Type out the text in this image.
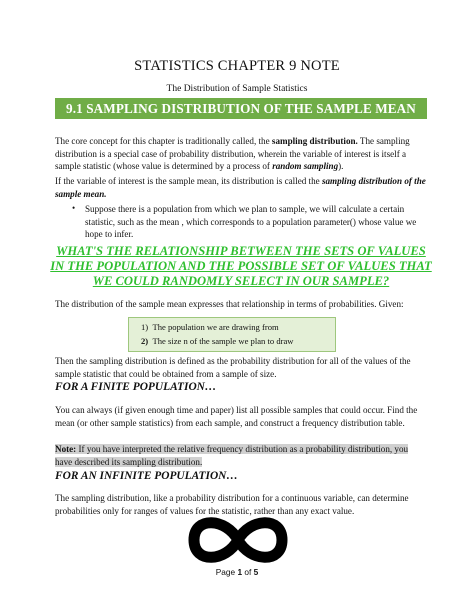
STATISTICS CHAPTER 9 NOTE
The Distribution of Sample Statistics
9.1 SAMPLING DISTRIBUTION OF THE SAMPLE MEAN
The core concept for this chapter is traditionally called, the sampling distribution. The sampling distribution is a special case of probability distribution, wherein the variable of interest is itself a sample statistic (whose value is determined by a process of random sampling).
If the variable of interest is the sample mean, its distribution is called the sampling distribution of the sample mean.
•	Suppose there is a population from which we plan to sample, we will calculate a certain statistic, such as the mean , which corresponds to a population parameter() whose value we hope to infer.
WHAT'S THE RELATIONSHIP BETWEEN THE SETS OF VALUES IN THE POPULATION AND THE POSSIBLE SET OF VALUES THAT WE COULD RANDOMLY SELECT IN OUR SAMPLE?
The distribution of the sample mean expresses that relationship in terms of probabilities. Given:
1) The population we are drawing from
2) The size n of the sample we plan to draw
Then the sampling distribution is defined as the probability distribution for all of the values of the sample statistic that could be obtained from a sample of size.
FOR A FINITE POPULATION…
You can always (if given enough time and paper) list all possible samples that could occur. Find the mean (or other sample statistics) from each sample, and construct a frequency distribution table.
Note: If you have interpreted the relative frequency distribution as a probability distribution, you have described its sampling distribution.
FOR AN INFINITE POPULATION…
The sampling distribution, like a probability distribution for a continuous variable, can determine probabilities only for ranges of values for the statistic, rather than any exact value.
Page 1 of 5
